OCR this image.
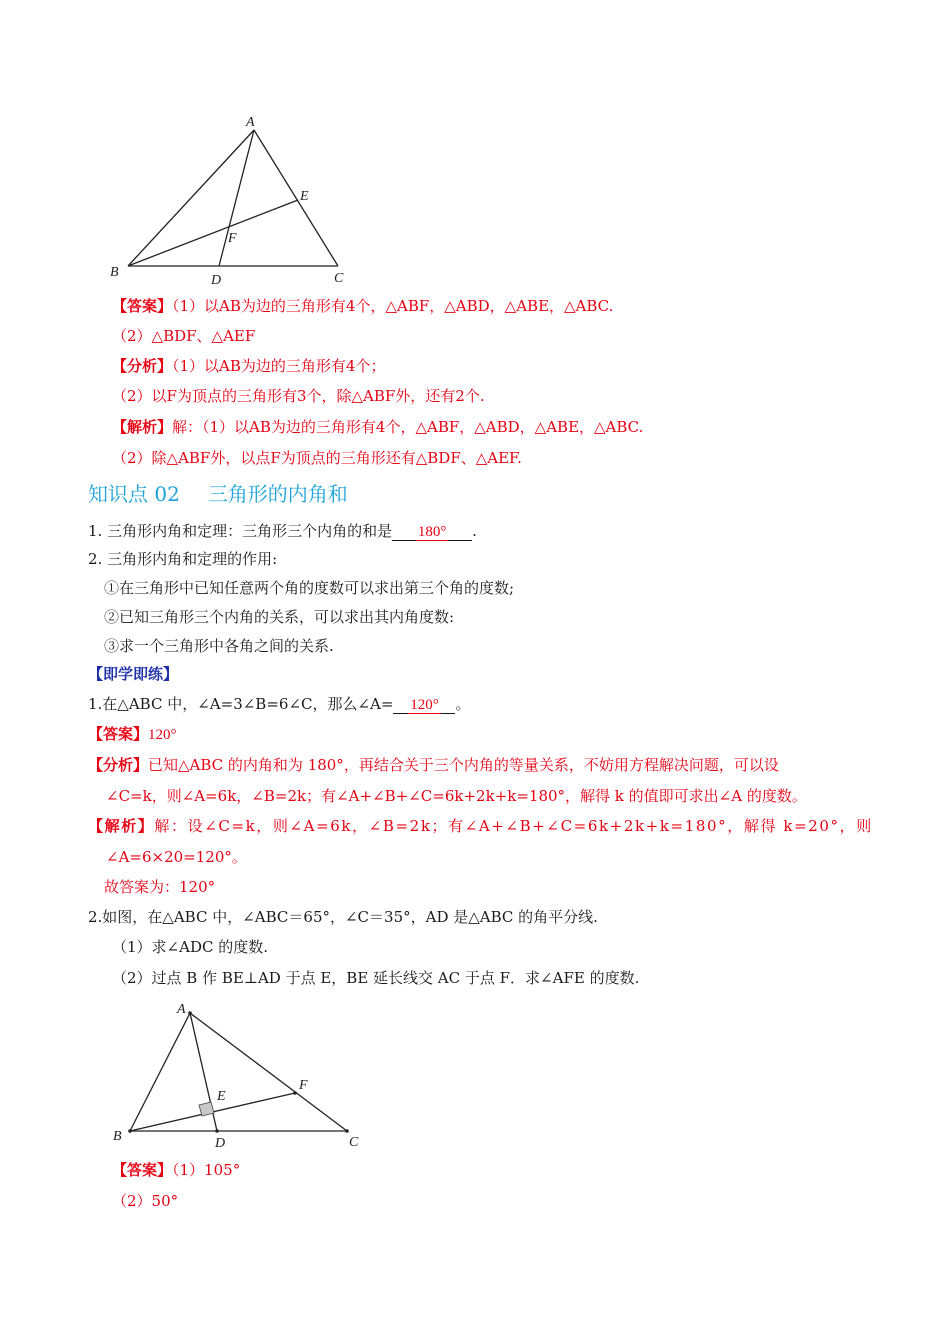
A
B	C
D
E
F
【答案】（1）以AB为边的三角形有4个，△ABF，△ABD，△ABE，△ABC.
（2）△BDF、△AEF
【分析】（1）以AB为边的三角形有4个；
（2）以F为顶点的三角形有3个，除△ABF外，还有2个.
【解析】解：（1）以AB为边的三角形有4个，△ABF，△ABD，△ABE，△ABC.
（2）除△ABF外，以点F为顶点的三角形还有△BDF、△AEF.
知识点 02 三角形的内角和
1. 三角形内角和定理：三角形三个内角的和是 180° .
2. 三角形内角和定理的作用:
①在三角形中已知任意两个角的度数可以求出第三个角的度数;
②已知三角形三个内角的关系，可以求出其内角度数:
③求一个三角形中各角之间的关系.
【即学即练】
1.在△ABC 中，∠A=3∠B=6∠C，那么∠A= 120° 。
【答案】120°
【分析】已知△ABC 的内角和为 180°，再结合关于三个内角的等量关系，不妨用方程解决问题，可以设
∠C=k，则∠A=6k，∠B=2k；有∠A+∠B+∠C=6k+2k+k=180°，解得 k 的值即可求出∠A 的度数。
【解析】解：设∠C=k，则∠A=6k，∠B=2k；有∠A+∠B+∠C=6k+2k+k=180°，解得 k=20°，则
∠A=6×20=120°。
故答案为：120°
2.如图，在△ABC 中，∠ABC＝65°，∠C＝35°，AD 是△ABC 的角平分线.
（1）求∠ADC 的度数.
（2）过点 B 作 BE⊥AD 于点 E，BE 延长线交 AC 于点 F．求∠AFE 的度数.
A
B	C
D
E
F
【答案】（1）105°
（2）50°
